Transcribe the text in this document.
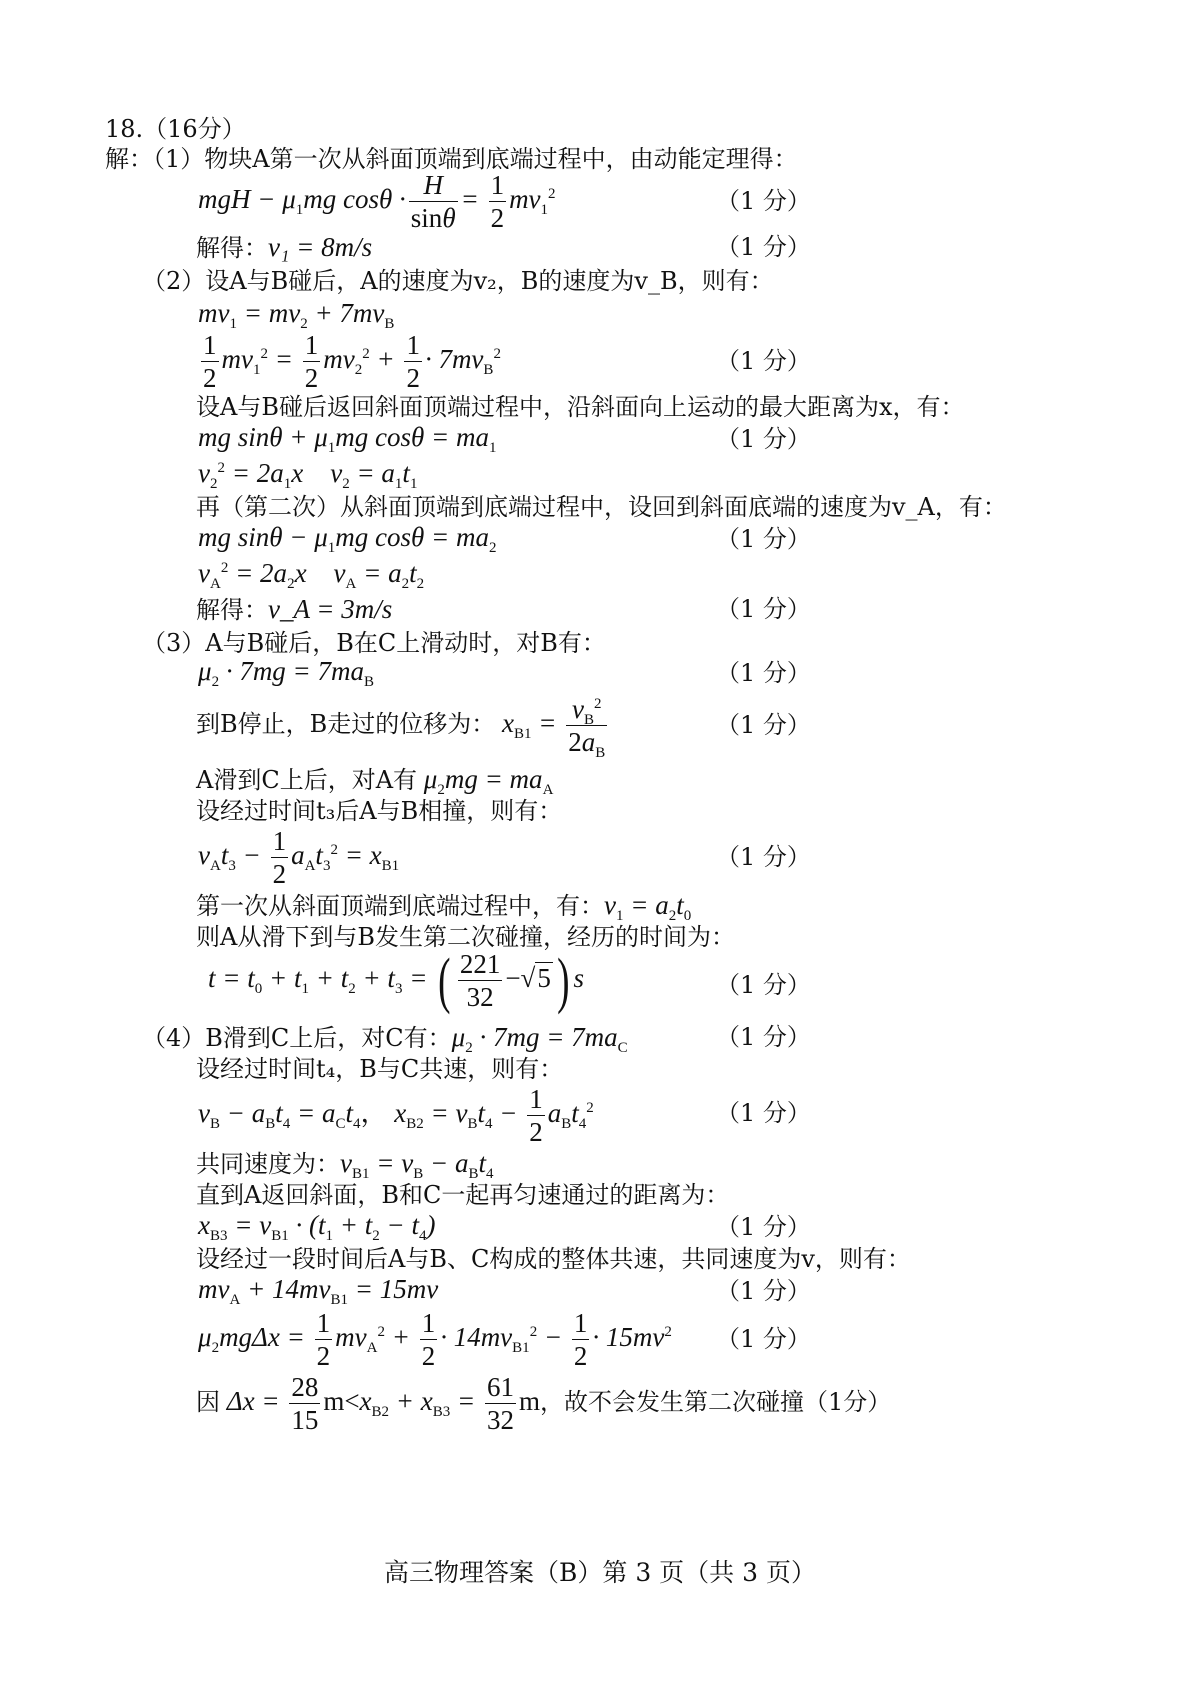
18.（16分）
解：（1）物块A第一次从斜面顶端到底端过程中，由动能定理得：
mgH − $\mu_1mg$ $\cos\theta \cdot \frac{H}{\sin\theta} = \frac{1}{2} mv_1^2$	（1 分）
解得：v₁ = 8m/s	（1 分）
（2）设A与B碰后，A的速度为v₂，B的速度为v_B，则有：
$mv_1 = mv_2 + 7mv_B$
$\frac{1}{2} mv_1^2 = \frac{1}{2} mv_2^2 + \frac{1}{2} \cdot 7mv_B^2$	（1 分）
设A与B碰后返回斜面顶端过程中，沿斜面向上运动的最大距离为x，有：
mg $\sin\theta + \mu_1mg$ $\cos\theta = ma_1$	（1 分）
$v_2^2 = 2a_1x$    $v_2 = a_1t_1$
再（第二次）从斜面顶端到底端过程中，设回到斜面底端的速度为v_A，有：
mg $\sin\theta - \mu_1mg$ $\cos\theta = ma_2$	（1 分）
$v_A^2 = 2a_2x$    $v_A = a_2t_2$
解得：v_A = 3m/s	（1 分）
（3）A与B碰后，B在C上滑动时，对B有：
$\mu_2 \cdot 7mg = 7ma_B$	（1 分）
到B停止，B走过的位移为： $x_{B1} = \frac{v_B^2}{2a_B}$	（1 分）
A滑到C上后，对A有 $\mu_2mg = ma_A$
设经过时间t₃后A与B相撞，则有：
$v_At_3 - \frac{1}{2} a_At_3^2 = x_{B1}$	（1 分）
第一次从斜面顶端到底端过程中，有：$v_1 = a_2t_0$
则A从滑下到与B发生第二次碰撞，经历的时间为：
$t = t_0 + t_1 + t_2 + t_3$ = ( $\frac{221}{32} -√5$) s	（1 分）
（4）B滑到C上后，对C有：$\mu_2 \cdot 7mg = 7ma_C$	（1 分）
设经过时间t₄，B与C共速，则有：
$v_B - a_Bt_4 = a_Ct_4$， $x_{B2} = v_Bt_4 - \frac{1}{2} a_Bt_4^2$	（1 分）
共同速度为：$v_{B1} = v_B - a_Bt_4$
直到A返回斜面，B和C一起再匀速通过的距离为：
$x_{B3} = v_{B1} \cdot (t_1 + t_2 - t_4)$	（1 分）
设经过一段时间后A与B、C构成的整体共速，共同速度为v，则有：
$mv_A + 14mv_{B1} = 15mv$	（1 分）
$\mu_2mg\Delta x = \frac{1}{2} mv_A^2 + \frac{1}{2} \cdot 14mv_{B1}^2 - \frac{1}{2} \cdot 15mv^2$ （1 分）
因 $\Delta x = \frac{28}{15} m<x_{B2} + x_{B3} = \frac{61}{32}$ m，故不会发生第二次碰撞（1分）
高三物理答案（B）第 3 页（共 3 页）
